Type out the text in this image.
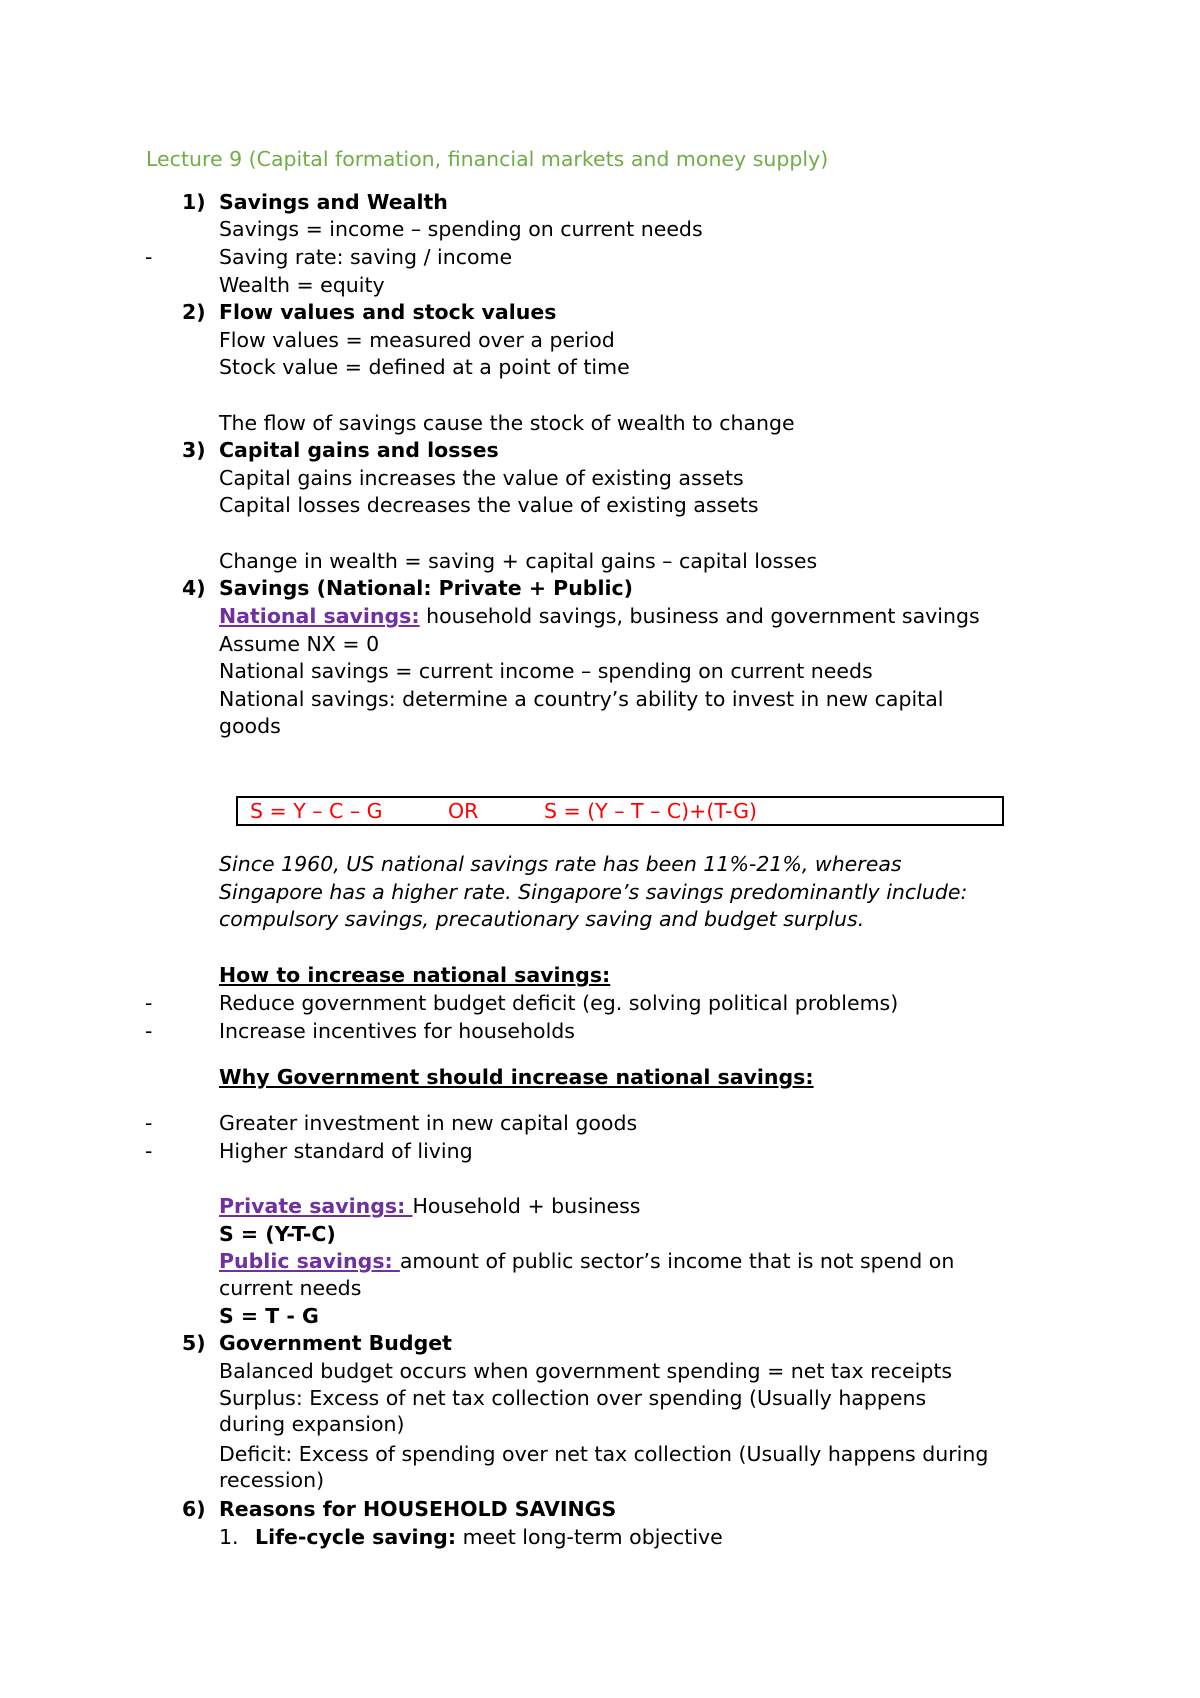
Lecture 9 (Capital formation, financial markets and money supply)
1) Savings and Wealth
Savings = income – spending on current needs
-	Saving rate: saving / income
Wealth = equity
2) Flow values and stock values
Flow values = measured over a period
Stock value = defined at a point of time
The flow of savings cause the stock of wealth to change
3) Capital gains and losses
Capital gains increases the value of existing assets
Capital losses decreases the value of existing assets
Change in wealth = saving + capital gains – capital losses
4) Savings (National: Private + Public)
National savings: household savings, business and government savings
Assume NX = 0
National savings = current income – spending on current needs
National savings: determine a country’s ability to invest in new capital
goods
S = Y – C – G	OR	S = (Y – T – C)+(T-G)
Since 1960, US national savings rate has been 11%-21%, whereas
Singapore has a higher rate. Singapore’s savings predominantly include:
compulsory savings, precautionary saving and budget surplus.
How to increase national savings:
-	Reduce government budget deficit (eg. solving political problems)
-	Increase incentives for households
Why Government should increase national savings:
-	Greater investment in new capital goods
-	Higher standard of living
Private savings: Household + business
S = (Y-T-C)
Public savings: amount of public sector’s income that is not spend on
current needs
S = T - G
5) Government Budget
Balanced budget occurs when government spending = net tax receipts
Surplus: Excess of net tax collection over spending (Usually happens
during expansion)
Deficit: Excess of spending over net tax collection (Usually happens during
recession)
6) Reasons for HOUSEHOLD SAVINGS
1. Life-cycle saving: meet long-term objective
